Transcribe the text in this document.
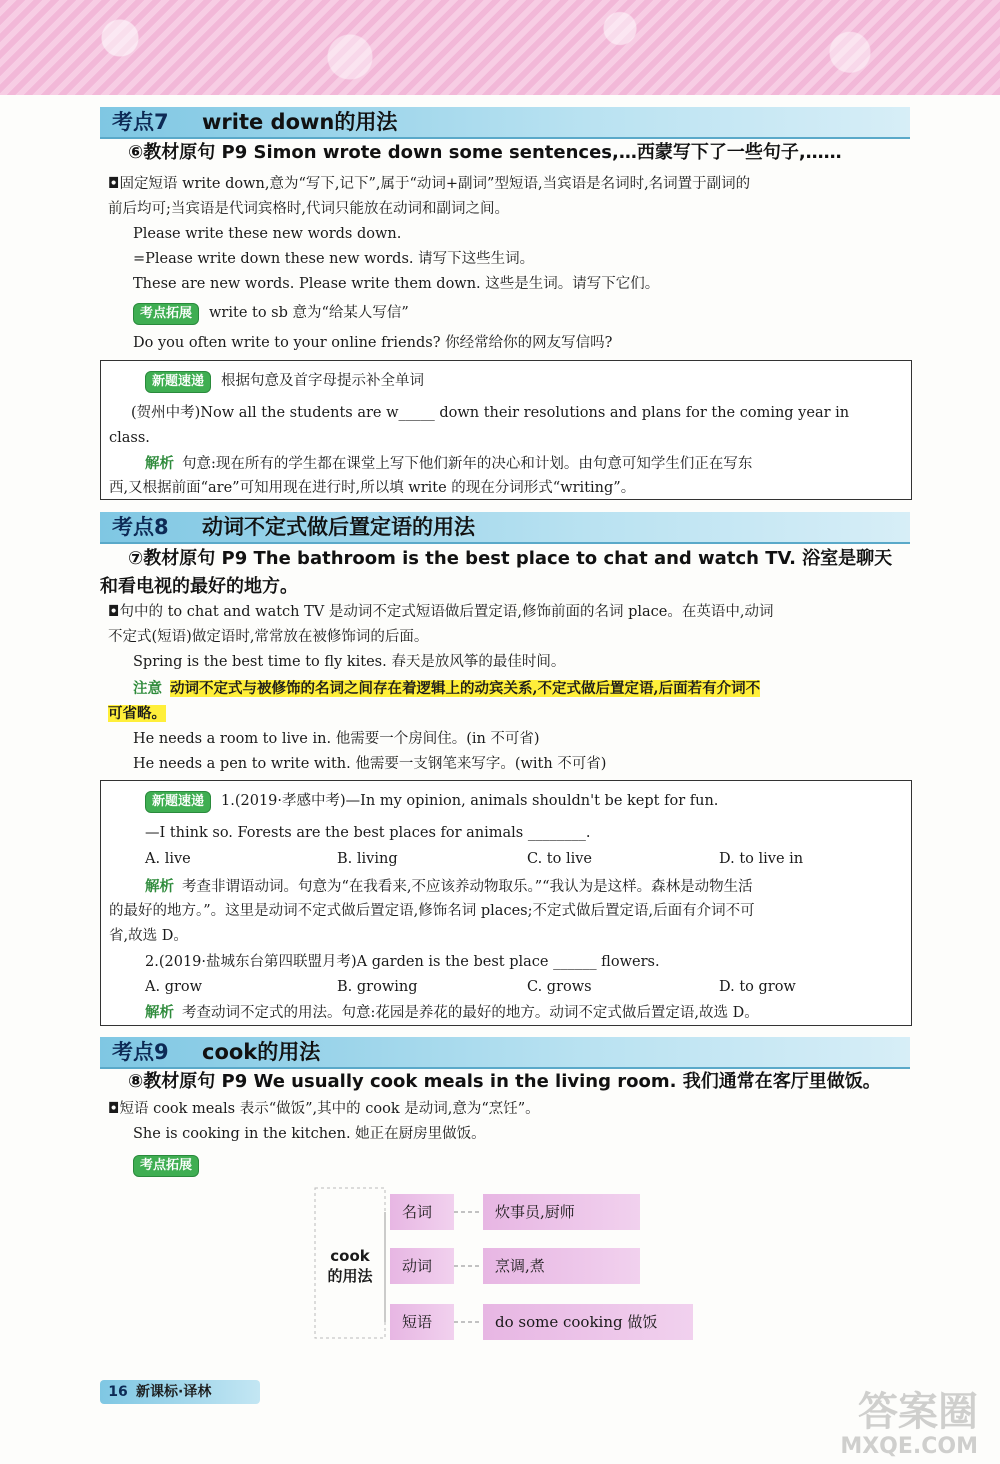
考点7 write down的用法
⑥教材原句 P9 Simon wrote down some sentences,…西蒙写下了一些句子,……
◘固定短语 write down,意为“写下,记下”,属于“动词+副词”型短语,当宾语是名词时,名词置于副词的
前后均可;当宾语是代词宾格时,代词只能放在动词和副词之间。
Please write these new words down.
=Please write down these new words. 请写下这些生词。
These are new words. Please write them down. 这些是生词。请写下它们。
考点拓展 write to sb 意为“给某人写信”
Do you often write to your online friends? 你经常给你的网友写信吗?
新题速递 根据句意及首字母提示补全单词
(贺州中考)Now all the students are w_____ down their resolutions and plans for the coming year in
class.
解析 句意:现在所有的学生都在课堂上写下他们新年的决心和计划。由句意可知学生们正在写东
西,又根据前面“are”可知用现在进行时,所以填 write 的现在分词形式“writing”。
考点8 动词不定式做后置定语的用法
⑦教材原句 P9 The bathroom is the best place to chat and watch TV. 浴室是聊天
和看电视的最好的地方。
◘句中的 to chat and watch TV 是动词不定式短语做后置定语,修饰前面的名词 place。在英语中,动词
不定式(短语)做定语时,常常放在被修饰词的后面。
Spring is the best time to fly kites. 春天是放风筝的最佳时间。
注意 动词不定式与被修饰的名词之间存在着逻辑上的动宾关系,不定式做后置定语,后面若有介词不
可省略。
He needs a room to live in. 他需要一个房间住。(in 不可省)
He needs a pen to write with. 他需要一支钢笔来写字。(with 不可省)
新题速递 1.(2019·孝感中考)—In my opinion, animals shouldn't be kept for fun.
—I think so. Forests are the best places for animals ________.
A. live	B. living	C. to live	D. to live in
解析 考查非谓语动词。句意为“在我看来,不应该养动物取乐。”“我认为是这样。森林是动物生活
的最好的地方。”。这里是动词不定式做后置定语,修饰名词 places;不定式做后置定语,后面有介词不可
省,故选 D。
2.(2019·盐城东台第四联盟月考)A garden is the best place ______ flowers.
A. grow	B. growing	C. grows	D. to grow
解析 考查动词不定式的用法。句意:花园是养花的最好的地方。动词不定式做后置定语,故选 D。
考点9 cook的用法
⑧教材原句 P9 We usually cook meals in the living room. 我们通常在客厅里做饭。
◘短语 cook meals 表示“做饭”,其中的 cook 是动词,意为“烹饪”。
She is cooking in the kitchen. 她正在厨房里做饭。
考点拓展
cook
的用法
名词	炊事员,厨师
动词	烹调,煮
短语	do some cooking 做饭
16 新课标·译林	答案圈
MXQE.COM
